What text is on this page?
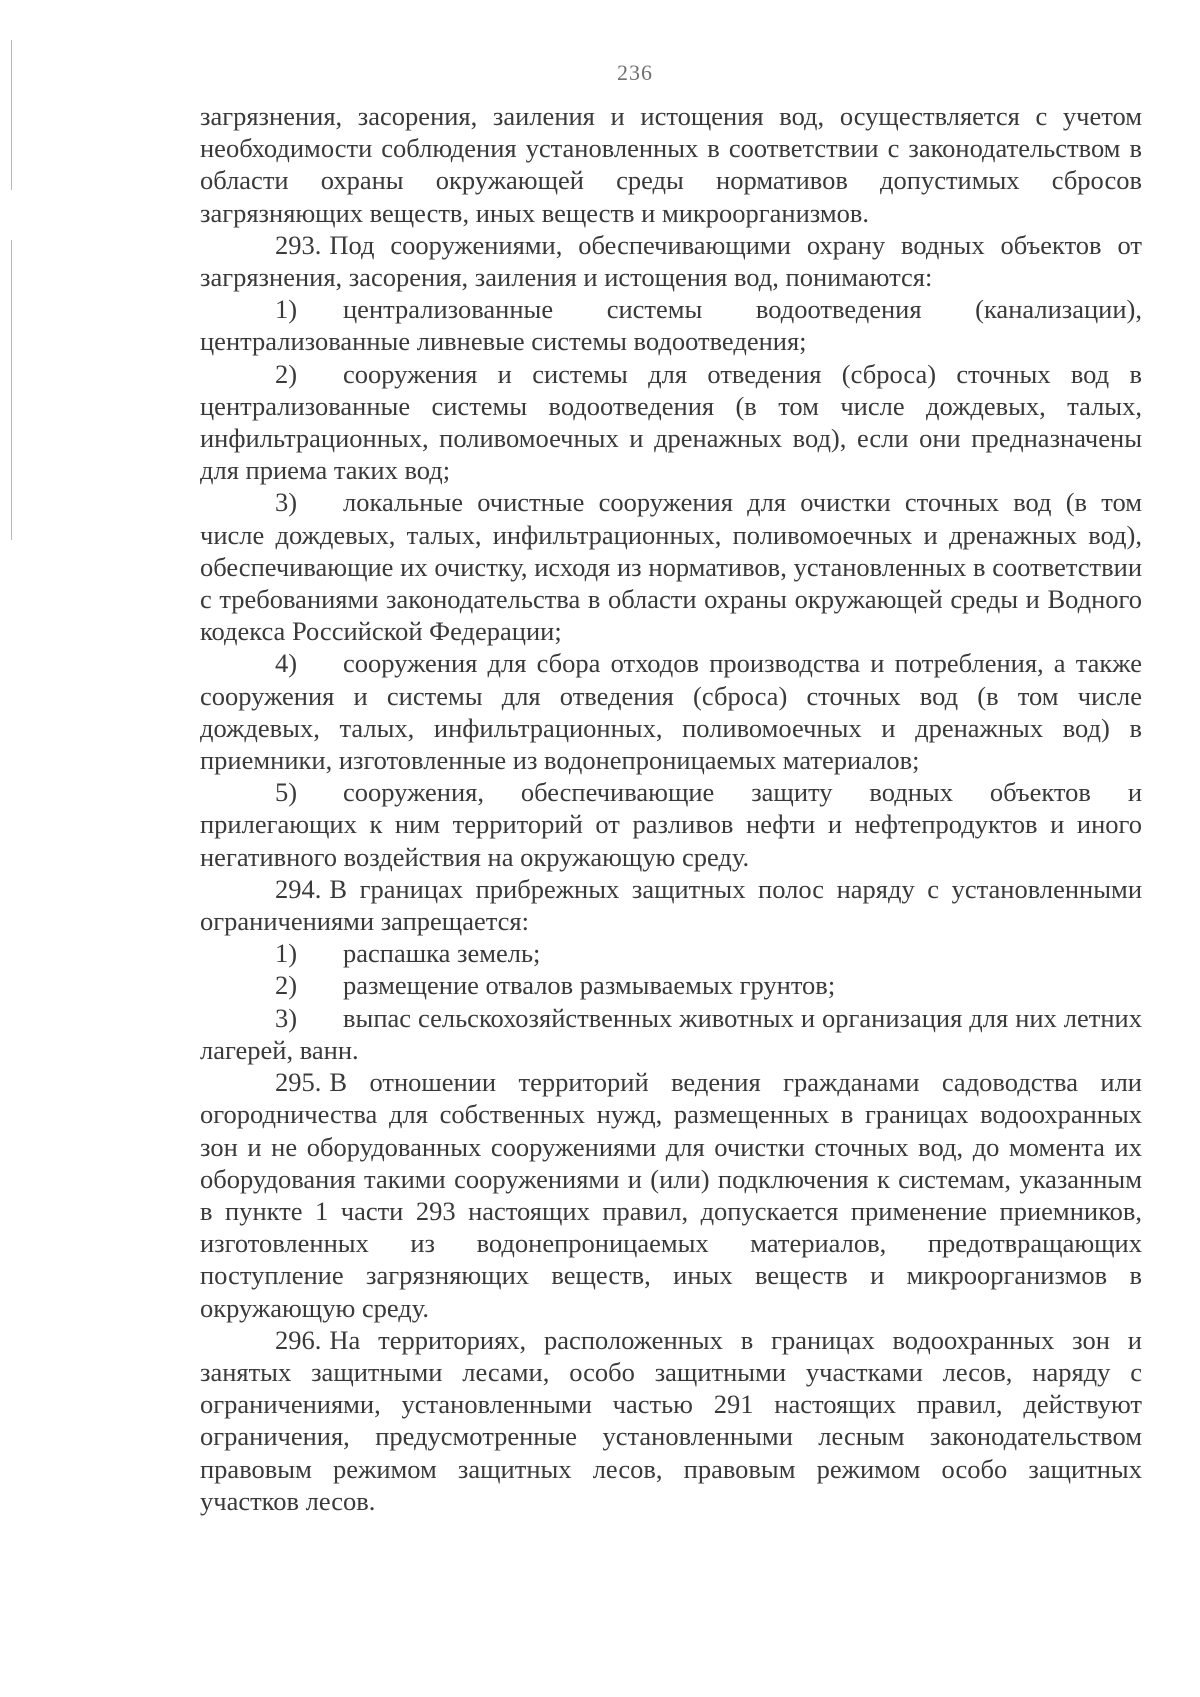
236

загрязнения, засорения, заиления и истощения вод, осуществляется с учетом необходимости соблюдения установленных в соответствии с законодательством в области охраны окружающей среды нормативов допустимых сбросов загрязняющих веществ, иных веществ и микроорганизмов.

293. Под сооружениями, обеспечивающими охрану водных объектов от загрязнения, засорения, заиления и истощения вод, понимаются:

1) централизованные системы водоотведения (канализации), централизованные ливневые системы водоотведения;

2) сооружения и системы для отведения (сброса) сточных вод в централизованные системы водоотведения (в том числе дождевых, талых, инфильтрационных, поливомоечных и дренажных вод), если они предназначены для приема таких вод;

3) локальные очистные сооружения для очистки сточных вод (в том числе дождевых, талых, инфильтрационных, поливомоечных и дренажных вод), обеспечивающие их очистку, исходя из нормативов, установленных в соответствии с требованиями законодательства в области охраны окружающей среды и Водного кодекса Российской Федерации;

4) сооружения для сбора отходов производства и потребления, а также сооружения и системы для отведения (сброса) сточных вод (в том числе дождевых, талых, инфильтрационных, поливомоечных и дренажных вод) в приемники, изготовленные из водонепроницаемых материалов;

5) сооружения, обеспечивающие защиту водных объектов и прилегающих к ним территорий от разливов нефти и нефтепродуктов и иного негативного воздействия на окружающую среду.

294. В границах прибрежных защитных полос наряду с установленными ограничениями запрещается:

1) распашка земель;

2) размещение отвалов размываемых грунтов;

3) выпас сельскохозяйственных животных и организация для них летних лагерей, ванн.

295. В отношении территорий ведения гражданами садоводства или огородничества для собственных нужд, размещенных в границах водоохранных зон и не оборудованных сооружениями для очистки сточных вод, до момента их оборудования такими сооружениями и (или) подключения к системам, указанным в пункте 1 части 293 настоящих правил, допускается применение приемников, изготовленных из водонепроницаемых материалов, предотвращающих поступление загрязняющих веществ, иных веществ и микроорганизмов в окружающую среду.

296. На территориях, расположенных в границах водоохранных зон и занятых защитными лесами, особо защитными участками лесов, наряду с ограничениями, установленными частью 291 настоящих правил, действуют ограничения, предусмотренные установленными лесным законодательством правовым режимом защитных лесов, правовым режимом особо защитных участков лесов.
